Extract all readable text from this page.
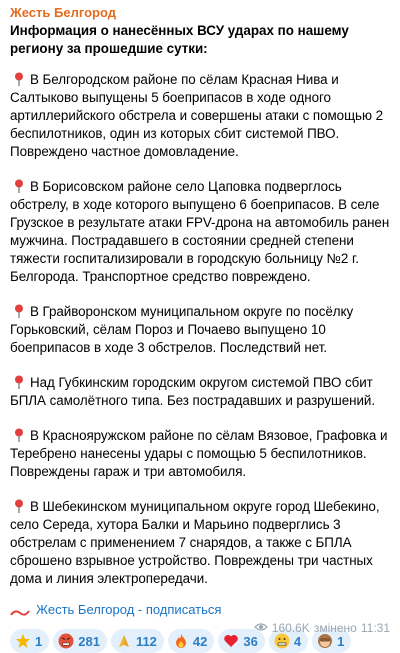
Жесть Белгород
Информация о нанесённых ВСУ ударах по нашему региону за прошедшие сутки:
В Белгородском районе по сёлам Красная Нива и Салтыково выпущены 5 боеприпасов в ходе одного артиллерийского обстрела и совершены атаки с помощью 2 беспилотников, один из которых сбит системой ПВО. Повреждено частное домовладение.
В Борисовском районе село Цаповка подверглось обстрелу, в ходе которого выпущено 6 боеприпасов. В селе Грузское в результате атаки FPV-дрона на автомобиль ранен мужчина. Пострадавшего в состоянии средней степени тяжести госпитализировали в городскую больницу №2 г. Белгорода. Транспортное средство повреждено.
В Грайворонском муниципальном округе по посёлку Горьковский, сёлам Пороз и Почаево выпущено 10 боеприпасов в ходе 3 обстрелов. Последствий нет.
Над Губкинским городским округом системой ПВО сбит БПЛА самолётного типа. Без пострадавших и разрушений.
В Краснояружском районе по сёлам Вязовое, Графовка и Теребрено нанесены удары с помощью 5 беспилотников. Повреждены гараж и три автомобиля.
В Шебекинском муниципальном округе город Шебекино, село Середа, хутора Балки и Марьино подверглись 3 обстрелам с применением 7 снарядов, а также с БПЛА сброшено взрывное устройство. Повреждены три частных дома и линия электропередачи.
Жесть Белгород - подписаться
1	281	112	42	36	4	1
160.6K змінено 11:31
